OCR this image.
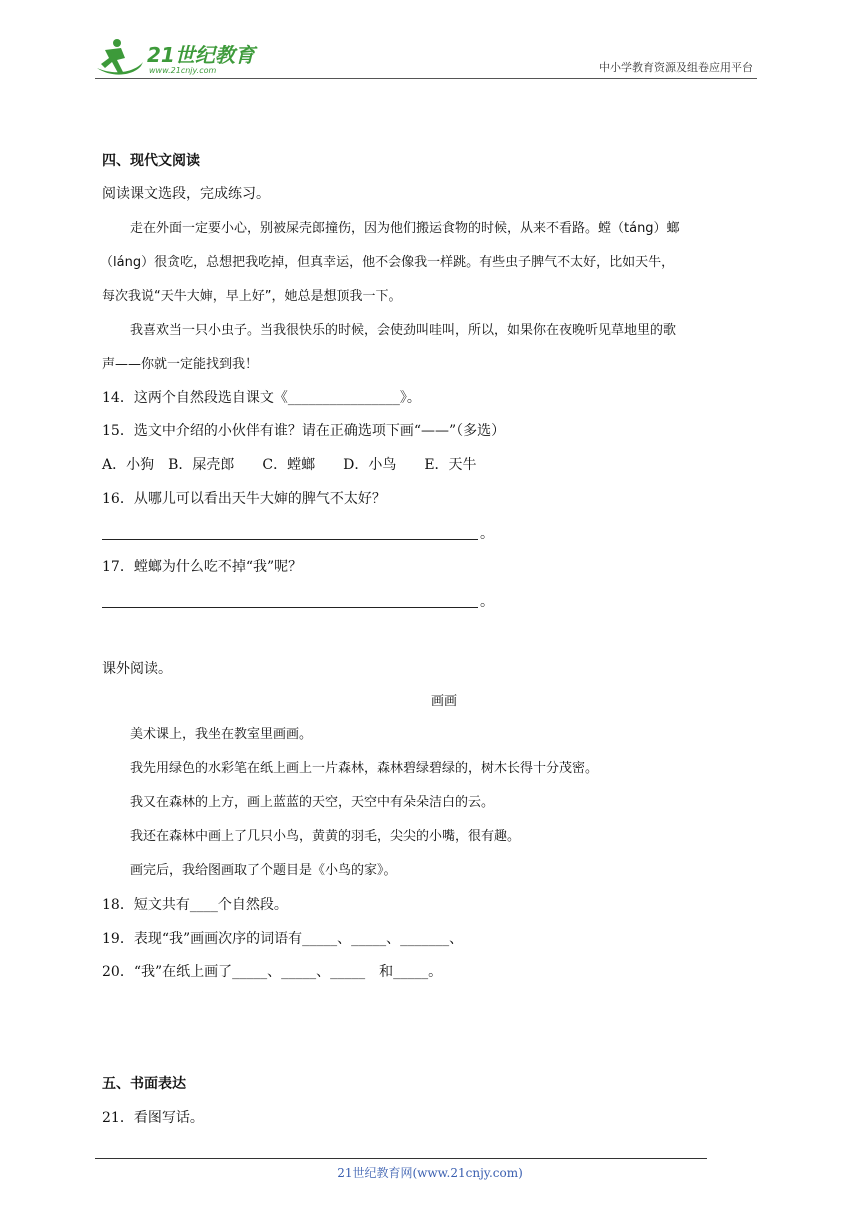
21世纪教育
www.21cnjy.com	中小学教育资源及组卷应用平台
四、现代文阅读
阅读课文选段，完成练习。
走在外面一定要小心，别被屎壳郎撞伤，因为他们搬运食物的时候，从来不看路。螳（táng）螂
（láng）很贪吃，总想把我吃掉，但真幸运，他不会像我一样跳。有些虫子脾气不太好，比如天牛，
每次我说“天牛大婶，早上好”，她总是想顶我一下。
我喜欢当一只小虫子。当我很快乐的时候，会使劲叫哇叫，所以，如果你在夜晚听见草地里的歌
声——你就一定能找到我！
14．这两个自然段选自课文《________________》。
15．选文中介绍的小伙伴有谁？请在正确选项下画“——”（多选）
A．小狗　B．屎壳郎　　C．螳螂　　D．小鸟　　E．天牛
16．从哪儿可以看出天牛大婶的脾气不太好？
。
17．螳螂为什么吃不掉“我”呢？
。
课外阅读。
画画
美术课上，我坐在教室里画画。
我先用绿色的水彩笔在纸上画上一片森林，森林碧绿碧绿的，树木长得十分茂密。
我又在森林的上方，画上蓝蓝的天空，天空中有朵朵洁白的云。
我还在森林中画上了几只小鸟，黄黄的羽毛，尖尖的小嘴，很有趣。
画完后，我给图画取了个题目是《小鸟的家》。
18．短文共有____个自然段。
19．表现“我”画画次序的词语有_____、_____、_______、
20．“我”在纸上画了_____、_____、_____　和_____。
五、书面表达
21．看图写话。
21世纪教育网(www.21cnjy.com)
